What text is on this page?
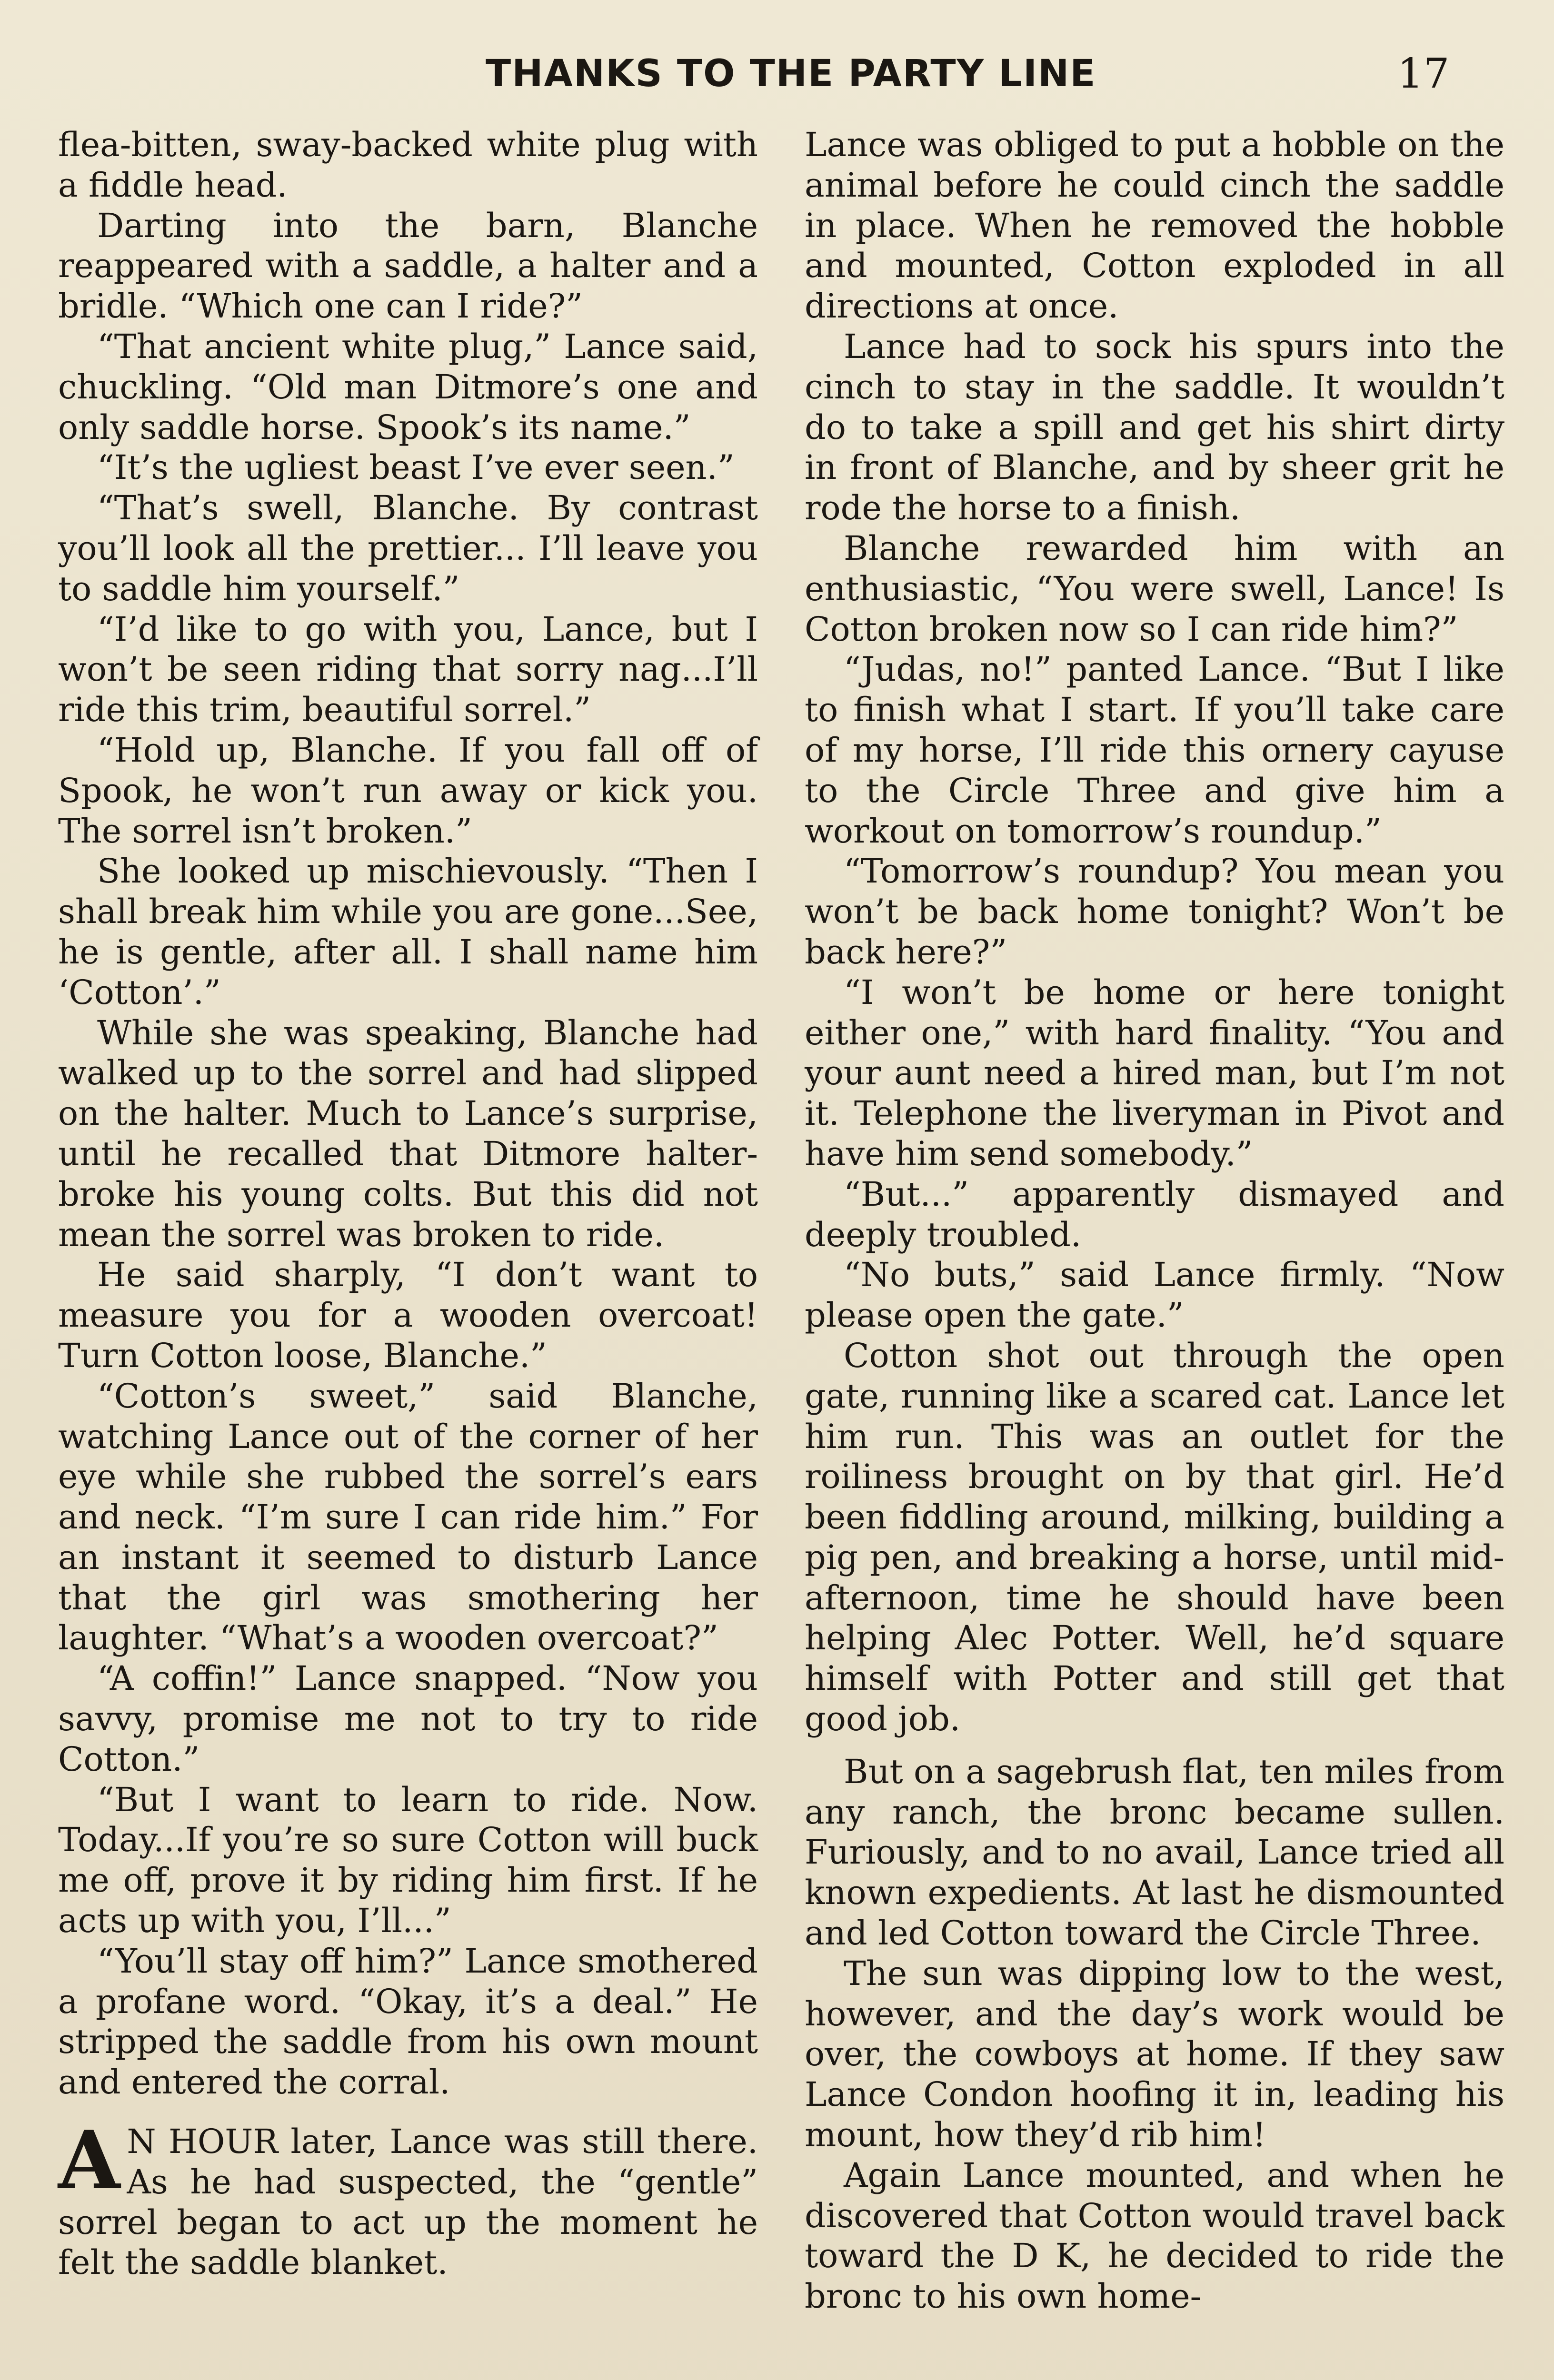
THANKS TO THE PARTY LINE	17

flea-bitten, sway-backed white plug with a fiddle head.

Darting into the barn, Blanche reappeared with a saddle, a halter and a bridle. “Which one can I ride?”

“That ancient white plug,” Lance said, chuckling. “Old man Ditmore’s one and only saddle horse. Spook’s its name.”

“It’s the ugliest beast I’ve ever seen.”

“That’s swell, Blanche. By contrast you’ll look all the prettier... I’ll leave you to saddle him yourself.”

“I’d like to go with you, Lance, but I won’t be seen riding that sorry nag...I’ll ride this trim, beautiful sorrel.”

“Hold up, Blanche. If you fall off of Spook, he won’t run away or kick you. The sorrel isn’t broken.”

She looked up mischievously. “Then I shall break him while you are gone...See, he is gentle, after all. I shall name him ‘Cotton’.”

While she was speaking, Blanche had walked up to the sorrel and had slipped on the halter. Much to Lance’s surprise, until he recalled that Ditmore halter-broke his young colts. But this did not mean the sorrel was broken to ride.

He said sharply, “I don’t want to measure you for a wooden overcoat! Turn Cotton loose, Blanche.”

“Cotton’s sweet,” said Blanche, watching Lance out of the corner of her eye while she rubbed the sorrel’s ears and neck. “I’m sure I can ride him.” For an instant it seemed to disturb Lance that the girl was smothering her laughter. “What’s a wooden overcoat?”

“A coffin!” Lance snapped. “Now you savvy, promise me not to try to ride Cotton.”

“But I want to learn to ride. Now. Today...If you’re so sure Cotton will buck me off, prove it by riding him first. If he acts up with you, I’ll...”

“You’ll stay off him?” Lance smothered a profane word. “Okay, it’s a deal.” He stripped the saddle from his own mount and entered the corral.

A N HOUR later, Lance was still there. As he had suspected, the “gentle” sorrel began to act up the moment he felt the saddle blanket.

Lance was obliged to put a hobble on the animal before he could cinch the saddle in place. When he removed the hobble and mounted, Cotton exploded in all directions at once.

Lance had to sock his spurs into the cinch to stay in the saddle. It wouldn’t do to take a spill and get his shirt dirty in front of Blanche, and by sheer grit he rode the horse to a finish.

Blanche rewarded him with an enthusiastic, “You were swell, Lance! Is Cotton broken now so I can ride him?”

“Judas, no!” panted Lance. “But I like to finish what I start. If you’ll take care of my horse, I’ll ride this ornery cayuse to the Circle Three and give him a workout on tomorrow’s roundup.”

“Tomorrow’s roundup? You mean you won’t be back home tonight? Won’t be back here?”

“I won’t be home or here tonight either one,” with hard finality. “You and your aunt need a hired man, but I’m not it. Telephone the liveryman in Pivot and have him send somebody.”

“But...” apparently dismayed and deeply troubled.

“No buts,” said Lance firmly. “Now please open the gate.”

Cotton shot out through the open gate, running like a scared cat. Lance let him run. This was an outlet for the roiliness brought on by that girl. He’d been fiddling around, milking, building a pig pen, and breaking a horse, until mid-afternoon, time he should have been helping Alec Potter. Well, he’d square himself with Potter and still get that good job.

But on a sagebrush flat, ten miles from any ranch, the bronc became sullen. Furiously, and to no avail, Lance tried all known expedients. At last he dismounted and led Cotton toward the Circle Three.

The sun was dipping low to the west, however, and the day’s work would be over, the cowboys at home. If they saw Lance Condon hoofing it in, leading his mount, how they’d rib him!

Again Lance mounted, and when he discovered that Cotton would travel back toward the D K, he decided to ride the bronc to his own home-
